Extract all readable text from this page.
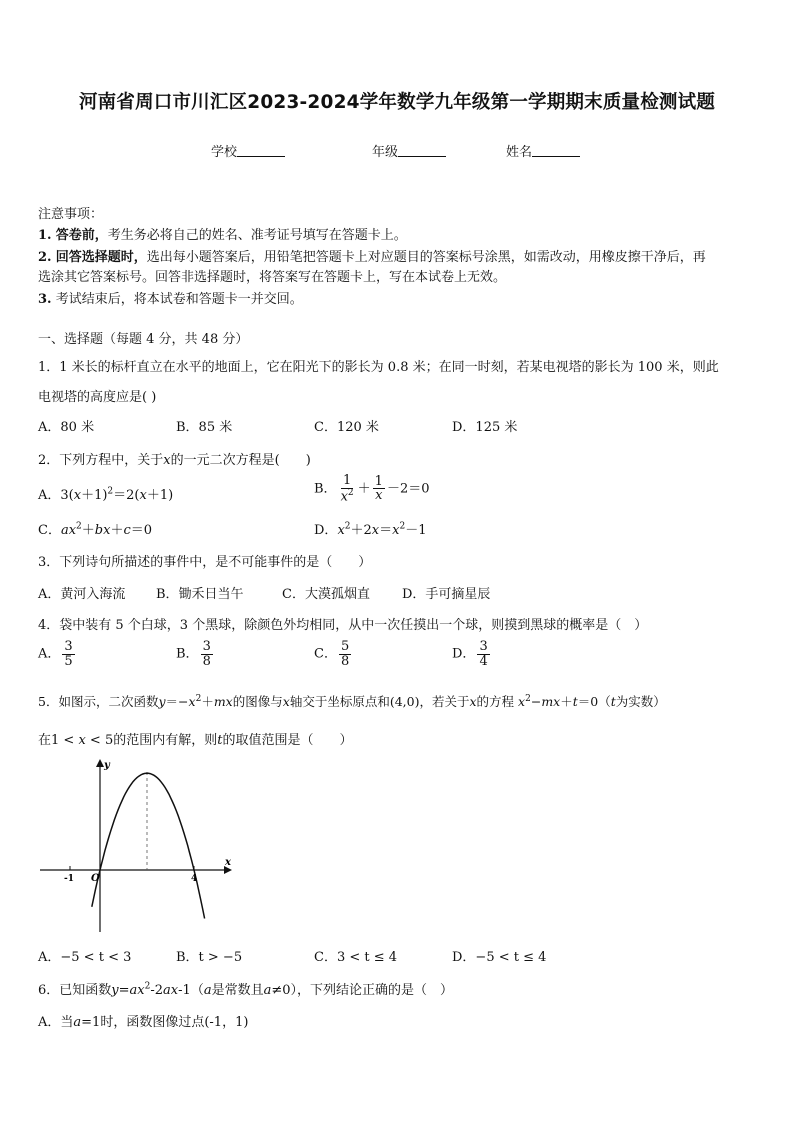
河南省周口市川汇区2023-2024学年数学九年级第一学期期末质量检测试题
学校	年级	姓名
注意事项：
1. 答卷前，考生务必将自己的姓名、准考证号填写在答题卡上。
2. 回答选择题时，选出每小题答案后，用铅笔把答题卡上对应题目的答案标号涂黑，如需改动，用橡皮擦干净后，再
选涂其它答案标号。回答非选择题时，将答案写在答题卡上，写在本试卷上无效。
3. 考试结束后，将本试卷和答题卡一并交回。
一、选择题（每题 4 分，共 48 分）
1．1 米长的标杆直立在水平的地面上，它在阳光下的影长为 0.8 米；在同一时刻，若某电视塔的影长为 100 米，则此
电视塔的高度应是( )
A．80 米	B．85 米	C．120 米	D．125 米
2．下列方程中，关于x的一元二次方程是(　　 )
A．$3(x+1)^2=2(x+1)$	B． $\frac{1}{x^2} + \frac{1}{x} -2=0$
C．$ax^2+bx+c=0$	D．$x^2+2x=x^2-1$
3．下列诗句所描述的事件中，是不可能事件的是（　　）
A．黄河入海流 B．锄禾日当午	C．大漠孤烟直 D．手可摘星辰
4．袋中装有 5 个白球，3 个黑球，除颜色外均相同，从中一次任摸出一个球，则摸到黑球的概率是（　）
A． $\frac{3}{5}$	B． $\frac{3}{8}$	C． $\frac{5}{8}$	D． $\frac{3}{4}$
5．如图示，二次函数$y=-x^2+mx$的图像与x轴交于坐标原点和(4,0)，若关于x的方程 $x^2-mx+t=0(t$为实数）
在1 < x < 5的范围内有解，则t的取值范围是（　　）
y
x
O
-1	4
A．−5 < t < 3	B．t > −5	C．3 < t ≤ 4	D．−5 < t ≤ 4
6．已知函数$y=ax^2-2ax-1(a$是常数且a≠0），下列结论正确的是（　）
A．当a=1时，函数图像过点(-1，1)
